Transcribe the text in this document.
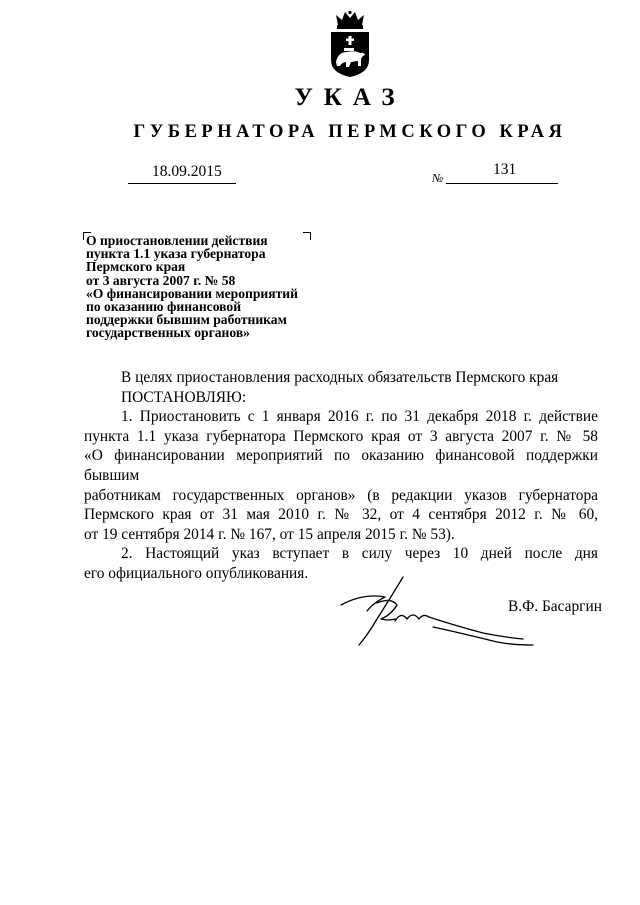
УКАЗ
ГУБЕРНАТОРА ПЕРМСКОГО КРАЯ
18.09.2015	№	131
О приостановлении действия
пункта 1.1 указа губернатора
Пермского края
от 3 августа 2007 г. № 58
«О финансировании мероприятий
по оказанию финансовой
поддержки бывшим работникам
государственных органов»

В целях приостановления расходных обязательств Пермского края

ПОСТАНОВЛЯЮ:

1. Приостановить с 1 января 2016 г. по 31 декабря 2018 г. действие

пункта 1.1 указа губернатора Пермского края от 3 августа 2007 г. № 58

«О финансировании мероприятий по оказанию финансовой поддержки бывшим

работникам государственных органов» (в редакции указов губернатора

Пермского края от 31 мая 2010 г. № 32, от 4 сентября 2012 г. № 60,

от 19 сентября 2014 г. № 167, от 15 апреля 2015 г. № 53).

2. Настоящий указ вступает в силу через 10 дней после дня

его официального опубликования.

В.Ф. Басаргин
